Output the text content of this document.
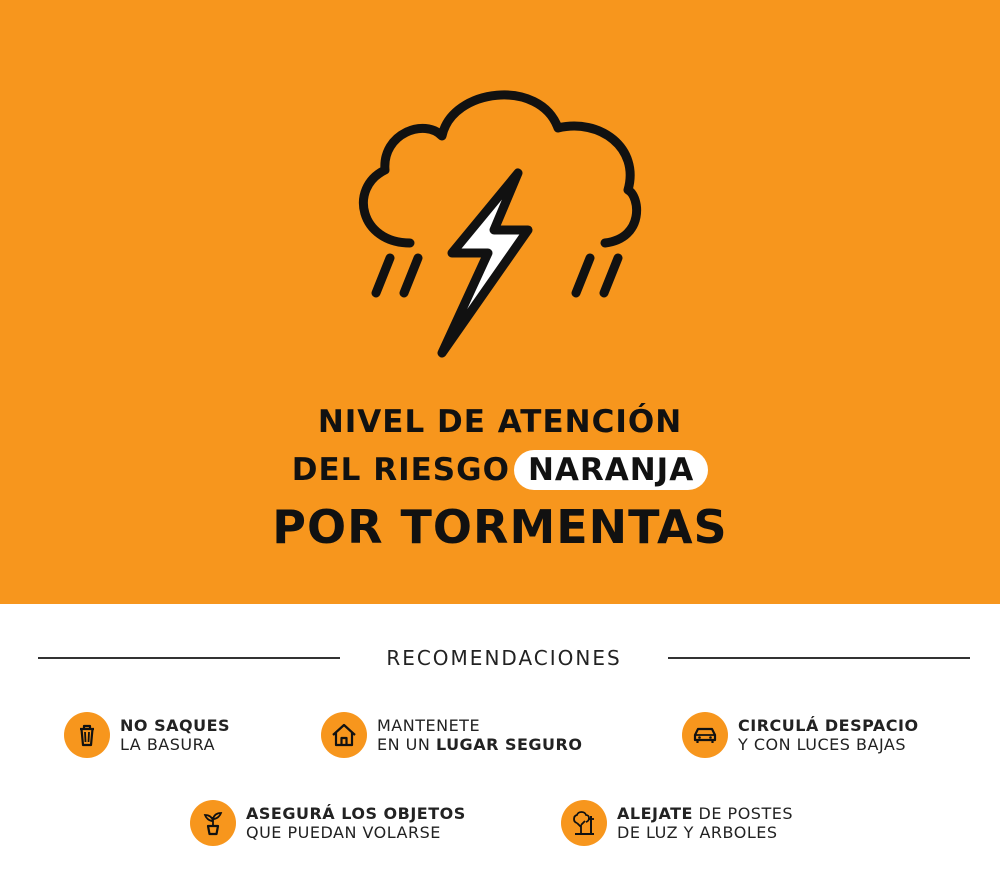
NIVEL DE ATENCIÓN
DEL RIESGO NARANJA
POR TORMENTAS
RECOMENDACIONES
NO SAQUES
LA BASURA
MANTENETE
EN UN LUGAR SEGURO
CIRCULÁ DESPACIO
Y CON LUCES BAJAS
ASEGURÁ LOS OBJETOS
QUE PUEDAN VOLARSE
ALEJATE DE POSTES
DE LUZ Y ARBOLES
